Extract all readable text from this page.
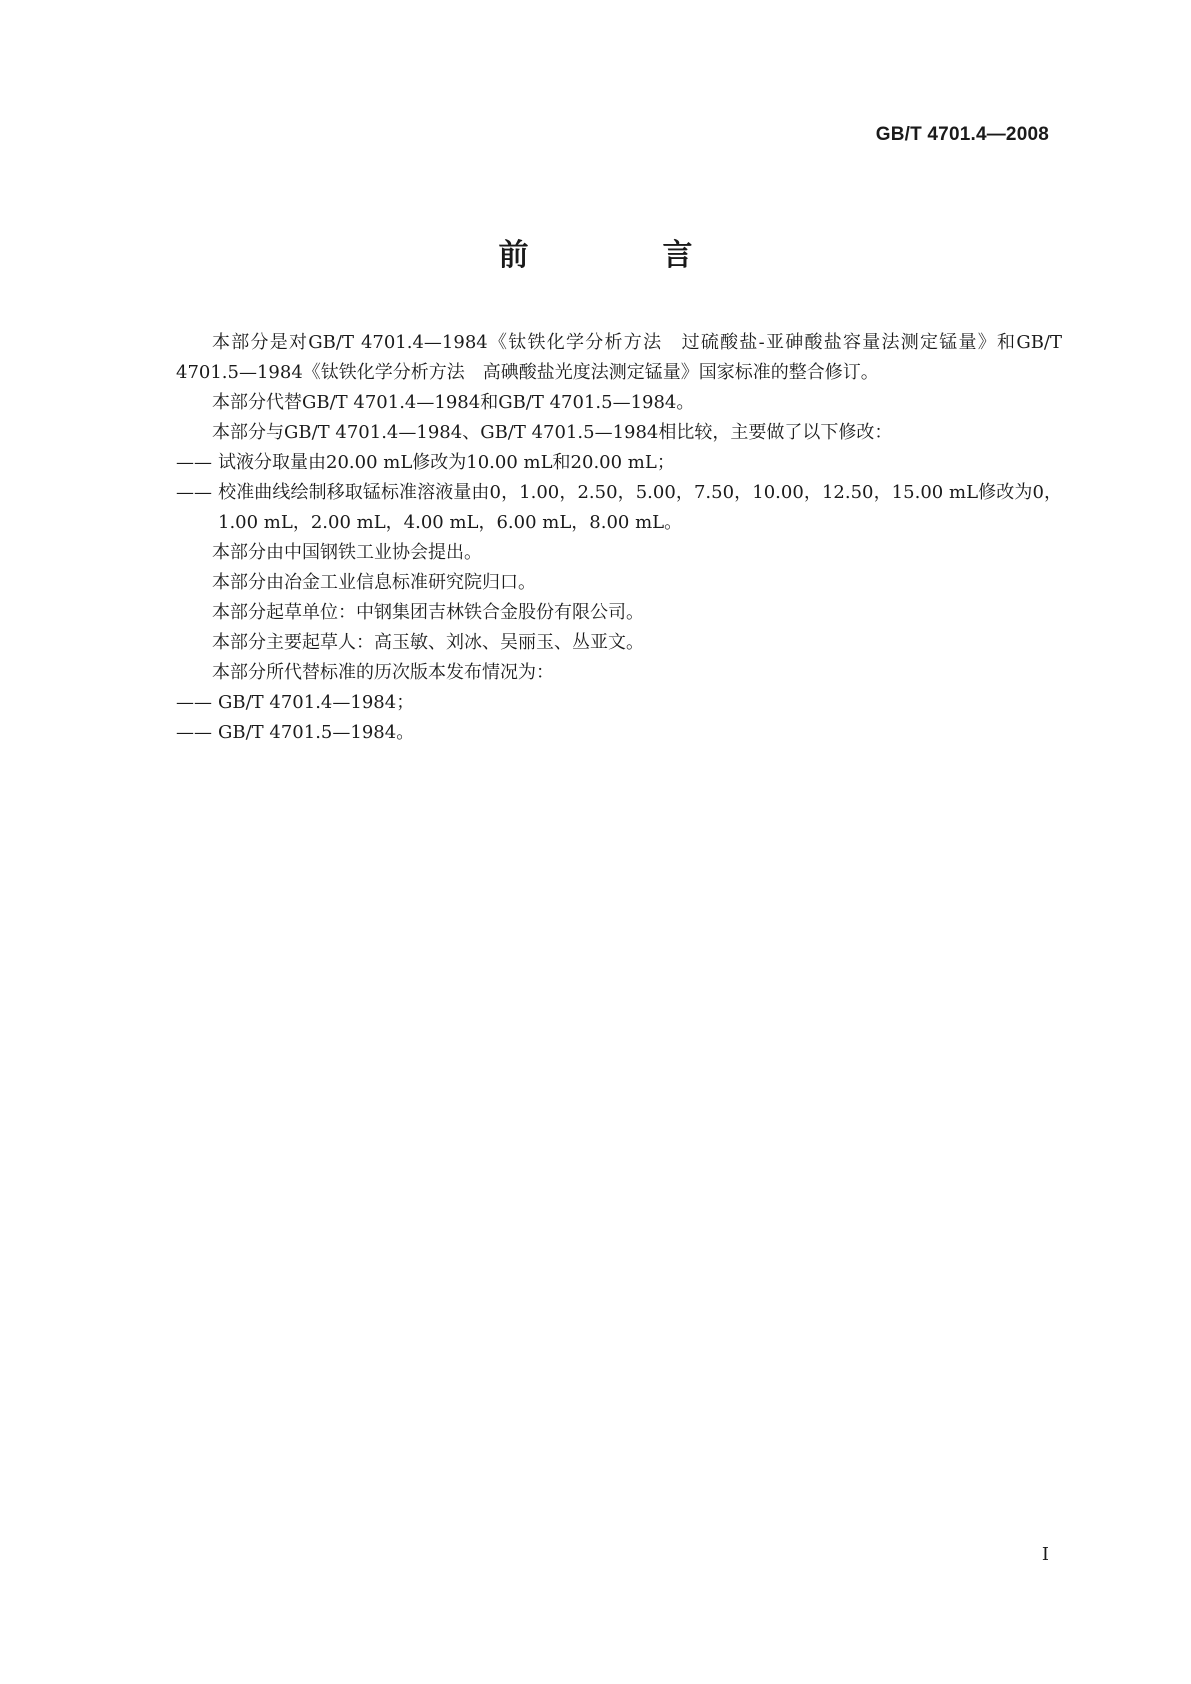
GB/T 4701.4—2008
前　言

本部分是对GB/T 4701.4—1984《钛铁化学分析方法　过硫酸盐-亚砷酸盐容量法测定锰量》和GB/T 4701.5—1984《钛铁化学分析方法　高碘酸盐光度法测定锰量》国家标准的整合修订。

本部分代替GB/T 4701.4—1984和GB/T 4701.5—1984。

本部分与GB/T 4701.4—1984、GB/T 4701.5—1984相比较，主要做了以下修改：

—— 试液分取量由20.00 mL修改为10.00 mL和20.00 mL；

—— 校准曲线绘制移取锰标准溶液量由0，1.00，2.50，5.00，7.50，10.00，12.50，15.00 mL修改为0，1.00 mL，2.00 mL，4.00 mL，6.00 mL，8.00 mL。

本部分由中国钢铁工业协会提出。

本部分由冶金工业信息标准研究院归口。

本部分起草单位：中钢集团吉林铁合金股份有限公司。

本部分主要起草人：高玉敏、刘冰、吴丽玉、丛亚文。

本部分所代替标准的历次版本发布情况为：

—— GB/T 4701.4—1984；

—— GB/T 4701.5—1984。

I
